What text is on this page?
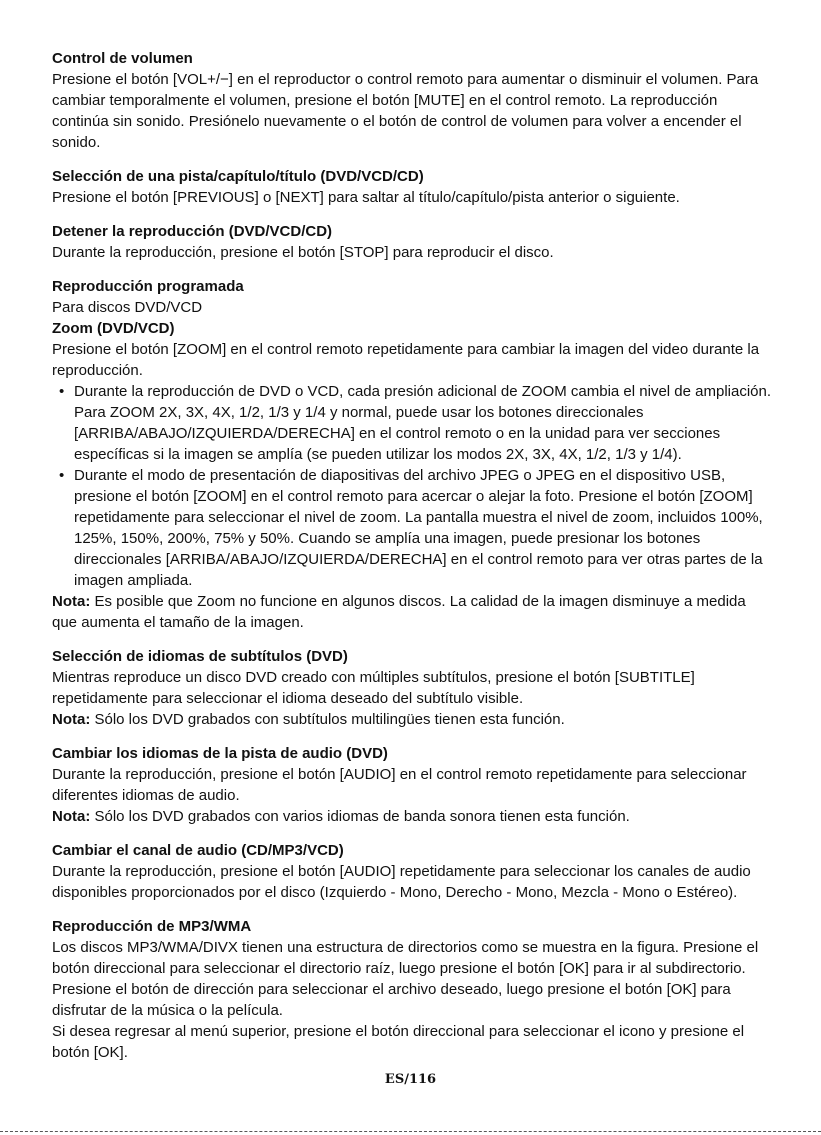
Control de volumen

Presione el botón [VOL+/−] en el reproductor o control remoto para aumentar o disminuir el volumen. Para cambiar temporalmente el volumen, presione el botón [MUTE] en el control remoto. La reproducción continúa sin sonido. Presiónelo nuevamente o el botón de control de volumen para volver a encender el sonido.

Selección de una pista/capítulo/título (DVD/VCD/CD)

Presione el botón [PREVIOUS] o [NEXT] para saltar al título/capítulo/pista anterior o siguiente.

Detener la reproducción (DVD/VCD/CD)

Durante la reproducción, presione el botón [STOP] para reproducir el disco.

Reproducción programada

Para discos DVD/VCD

Zoom (DVD/VCD)

Presione el botón [ZOOM] en el control remoto repetidamente para cambiar la imagen del video durante la reproducción.

• Durante la reproducción de DVD o VCD, cada presión adicional de ZOOM cambia el nivel de ampliación. Para ZOOM 2X, 3X, 4X, 1/2, 1/3 y 1/4 y normal, puede usar los botones direccionales [ARRIBA/ABAJO/IZQUIERDA/DERECHA] en el control remoto o en la unidad para ver secciones específicas si la imagen se amplía (se pueden utilizar los modos 2X, 3X, 4X, 1/2, 1/3 y 1/4).
• Durante el modo de presentación de diapositivas del archivo JPEG o JPEG en el dispositivo USB, presione el botón [ZOOM] en el control remoto para acercar o alejar la foto. Presione el botón [ZOOM] repetidamente para seleccionar el nivel de zoom. La pantalla muestra el nivel de zoom, incluidos 100%, 125%, 150%, 200%, 75% y 50%. Cuando se amplía una imagen, puede presionar los botones direccionales [ARRIBA/ABAJO/IZQUIERDA/DERECHA] en el control remoto para ver otras partes de la imagen ampliada.

Nota: Es posible que Zoom no funcione en algunos discos. La calidad de la imagen disminuye a medida que aumenta el tamaño de la imagen.

Selección de idiomas de subtítulos (DVD)

Mientras reproduce un disco DVD creado con múltiples subtítulos, presione el botón [SUBTITLE] repetidamente para seleccionar el idioma deseado del subtítulo visible.

Nota: Sólo los DVD grabados con subtítulos multilingües tienen esta función.

Cambiar los idiomas de la pista de audio (DVD)

Durante la reproducción, presione el botón [AUDIO] en el control remoto repetidamente para seleccionar diferentes idiomas de audio.

Nota: Sólo los DVD grabados con varios idiomas de banda sonora tienen esta función.

Cambiar el canal de audio (CD/MP3/VCD)

Durante la reproducción, presione el botón [AUDIO] repetidamente para seleccionar los canales de audio disponibles proporcionados por el disco (Izquierdo - Mono, Derecho - Mono, Mezcla - Mono o Estéreo).

Reproducción de MP3/WMA

Los discos MP3/WMA/DIVX tienen una estructura de directorios como se muestra en la figura. Presione el botón direccional para seleccionar el directorio raíz, luego presione el botón [OK] para ir al subdirectorio. Presione el botón de dirección para seleccionar el archivo deseado, luego presione el botón [OK] para disfrutar de la música o la película.

Si desea regresar al menú superior, presione el botón direccional para seleccionar el icono y presione el botón [OK].

ES/116
